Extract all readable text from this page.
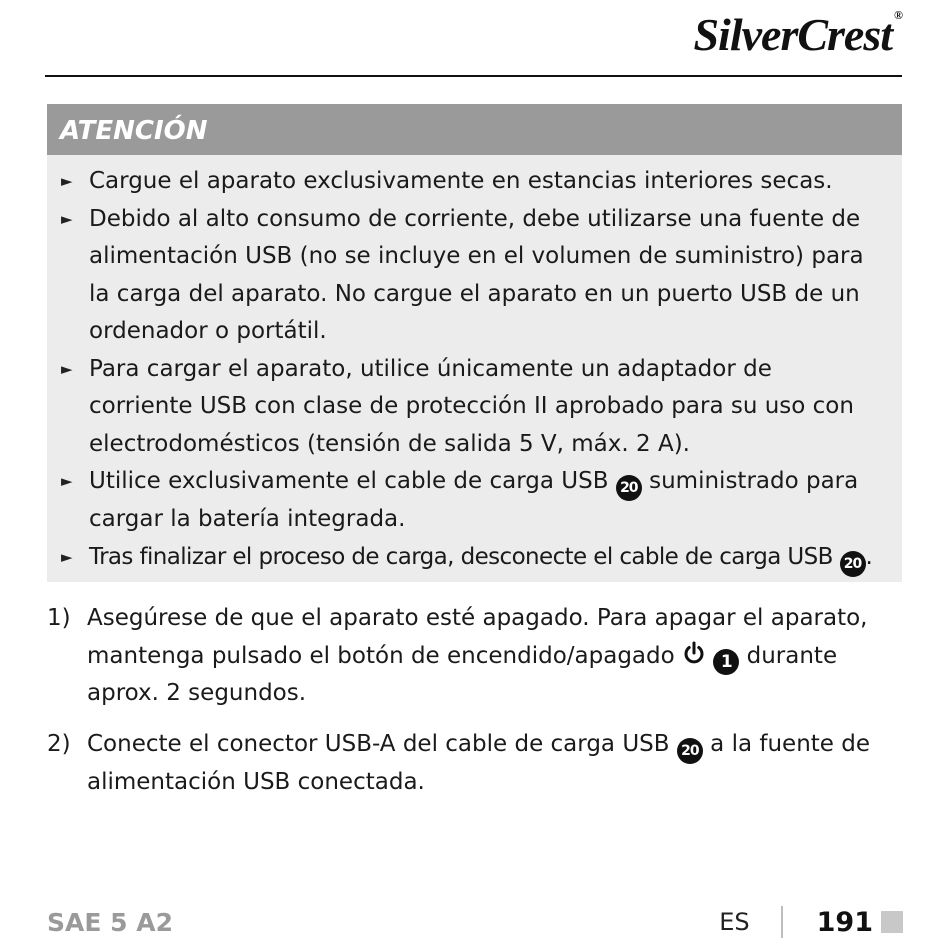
SilverCrest ®
ATENCIÓN
► Cargue el aparato exclusivamente en estancias interiores secas.
► Debido al alto consumo de corriente, debe utilizarse una fuente de
alimentación USB (no se incluye en el volumen de suministro) para
la carga del aparato. No cargue el aparato en un puerto USB de un
ordenador o portátil.
► Para cargar el aparato, utilice únicamente un adaptador de
corriente USB con clase de protección II aprobado para su uso con
electrodomésticos (tensión de salida 5 V, máx. 2 A).
► Utilice exclusivamente el cable de carga USB 20 suministrado para
cargar la batería integrada.
► Tras finalizar el proceso de carga, desconecte el cable de carga USB 20 .
1) Asegúrese de que el aparato esté apagado. Para apagar el aparato,
mantenga pulsado el botón de encendido/apagado	1 durante
aprox. 2 segundos.
2) Conecte el conector USB-A del cable de carga USB 20 a la fuente de
alimentación USB conectada.
SAE 5 A2	ES 191
